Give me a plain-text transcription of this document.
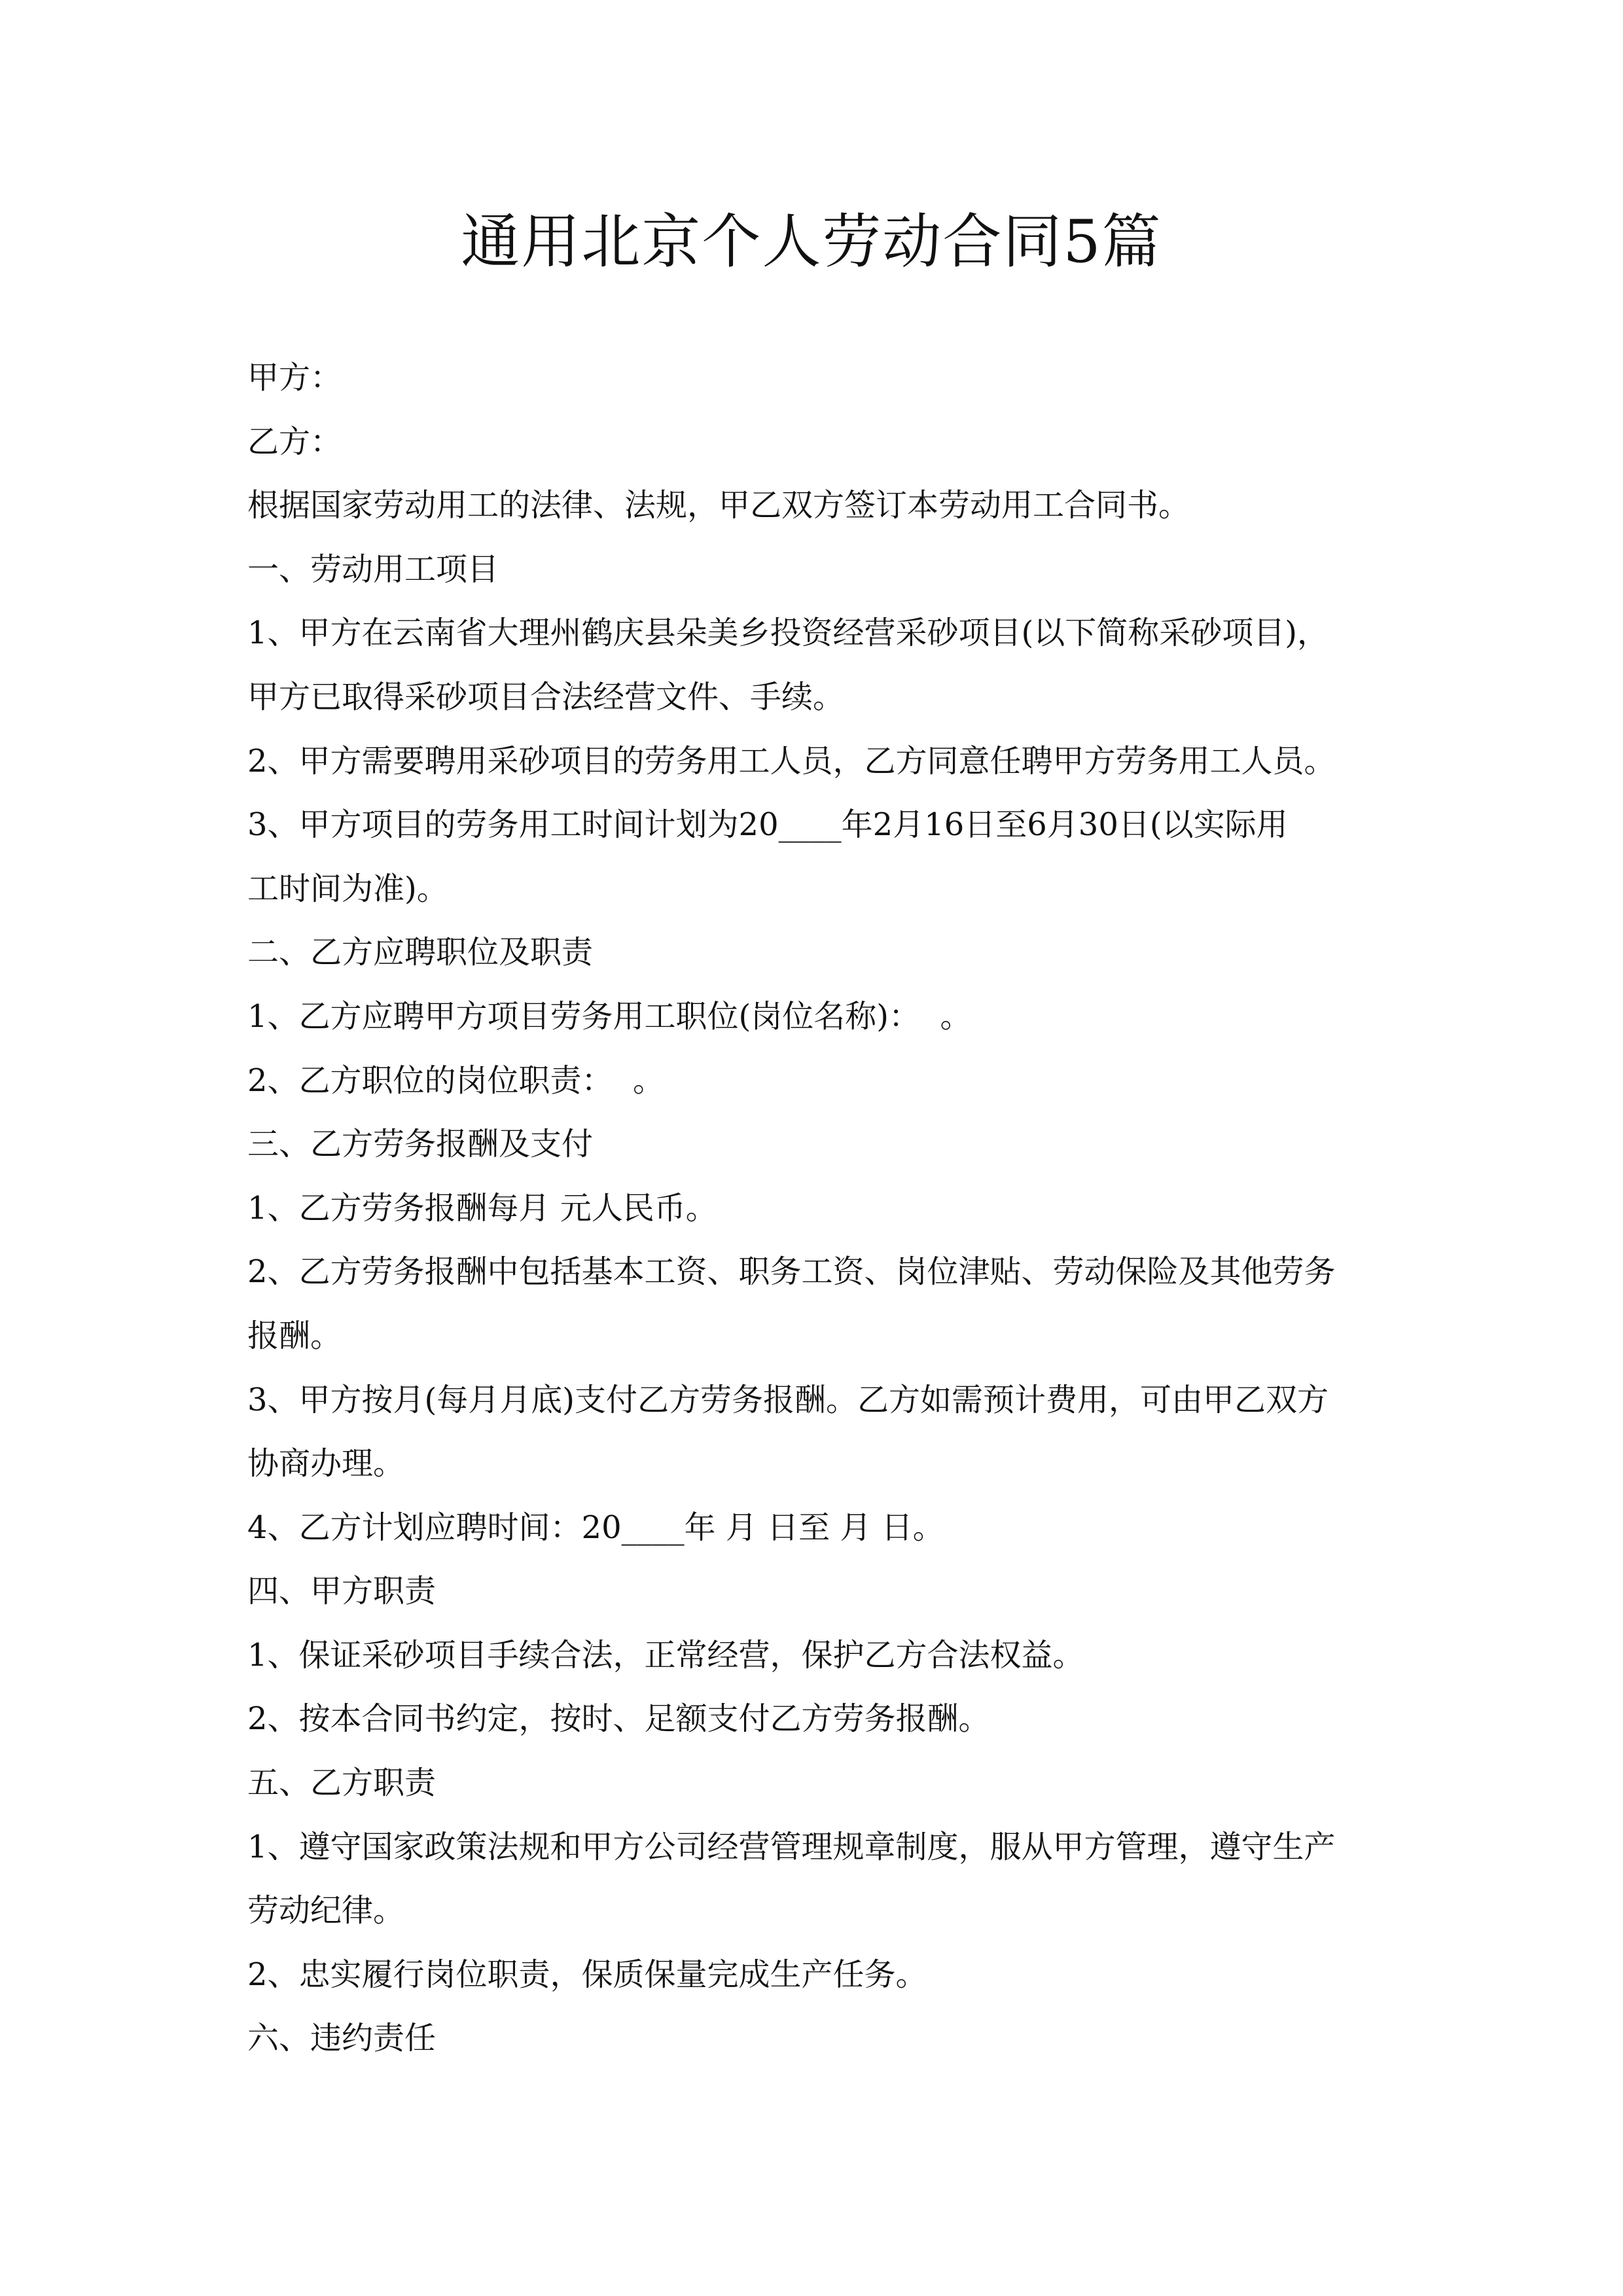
通用北京个人劳动合同5篇
甲方：
乙方：
根据国家劳动用工的法律、法规，甲乙双方签订本劳动用工合同书。
一、劳动用工项目
1、甲方在云南省大理州鹤庆县朵美乡投资经营采砂项目(以下简称采砂项目)，
甲方已取得采砂项目合法经营文件、手续。
2、甲方需要聘用采砂项目的劳务用工人员，乙方同意任聘甲方劳务用工人员。
3、甲方项目的劳务用工时间计划为20____年2月16日至6月30日(以实际用
工时间为准)。
二、乙方应聘职位及职责
1、乙方应聘甲方项目劳务用工职位(岗位名称)：  。
2、乙方职位的岗位职责：  。
三、乙方劳务报酬及支付
1、乙方劳务报酬每月 元人民币。
2、乙方劳务报酬中包括基本工资、职务工资、岗位津贴、劳动保险及其他劳务
报酬。
3、甲方按月(每月月底)支付乙方劳务报酬。乙方如需预计费用，可由甲乙双方
协商办理。
4、乙方计划应聘时间：20____年 月 日至 月 日。
四、甲方职责
1、保证采砂项目手续合法，正常经营，保护乙方合法权益。
2、按本合同书约定，按时、足额支付乙方劳务报酬。
五、乙方职责
1、遵守国家政策法规和甲方公司经营管理规章制度，服从甲方管理，遵守生产
劳动纪律。
2、忠实履行岗位职责，保质保量完成生产任务。
六、违约责任
